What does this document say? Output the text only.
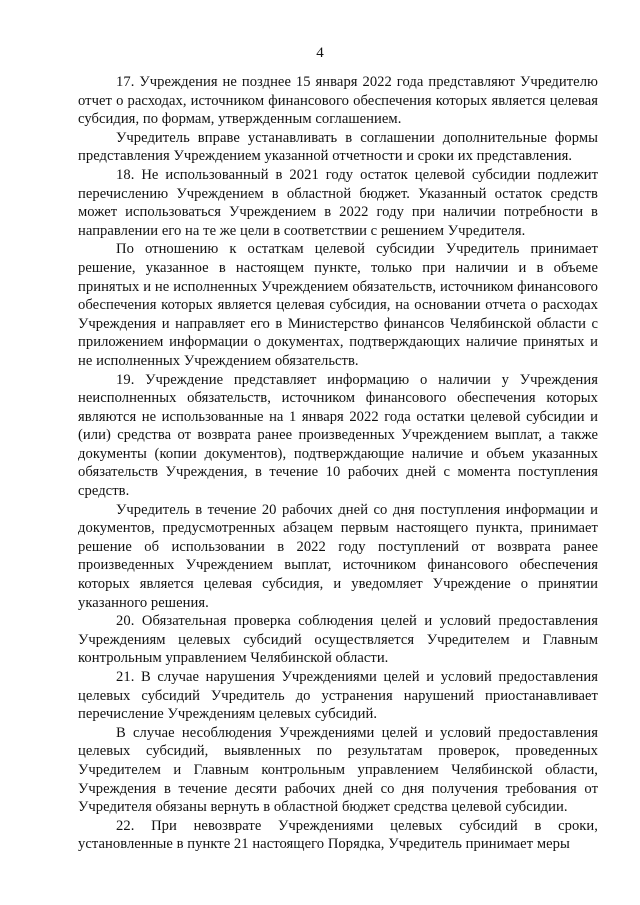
4

17. Учреждения не позднее 15 января 2022 года представляют Учредителю отчет о расходах, источником финансового обеспечения которых является целевая субсидия, по формам, утвержденным соглашением.

Учредитель вправе устанавливать в соглашении дополнительные формы представления Учреждением указанной отчетности и сроки их представления.

18. Не использованный в 2021 году остаток целевой субсидии подлежит перечислению Учреждением в областной бюджет. Указанный остаток средств может использоваться Учреждением в 2022 году при наличии потребности в направлении его на те же цели в соответствии с решением Учредителя.

По отношению к остаткам целевой субсидии Учредитель принимает решение, указанное в настоящем пункте, только при наличии и в объеме принятых и не исполненных Учреждением обязательств, источником финансового обеспечения которых является целевая субсидия, на основании отчета о расходах Учреждения и направляет его в Министерство финансов Челябинской области с приложением информации о документах, подтверждающих наличие принятых и не исполненных Учреждением обязательств.

19. Учреждение представляет информацию о наличии у Учреждения неисполненных обязательств, источником финансового обеспечения которых являются не использованные на 1 января 2022 года остатки целевой субсидии и (или) средства от возврата ранее произведенных Учреждением выплат, а также документы (копии документов), подтверждающие наличие и объем указанных обязательств Учреждения, в течение 10 рабочих дней с момента поступления средств.

Учредитель в течение 20 рабочих дней со дня поступления информации и документов, предусмотренных абзацем первым настоящего пункта, принимает решение об использовании в 2022 году поступлений от возврата ранее произведенных Учреждением выплат, источником финансового обеспечения которых является целевая субсидия, и уведомляет Учреждение о принятии указанного решения.

20. Обязательная проверка соблюдения целей и условий предоставления Учреждениям целевых субсидий осуществляется Учредителем и Главным контрольным управлением Челябинской области.

21. В случае нарушения Учреждениями целей и условий предоставления целевых субсидий Учредитель до устранения нарушений приостанавливает перечисление Учреждениям целевых субсидий.

В случае несоблюдения Учреждениями целей и условий предоставления целевых субсидий, выявленных по результатам проверок, проведенных Учредителем и Главным контрольным управлением Челябинской области, Учреждения в течение десяти рабочих дней со дня получения требования от Учредителя обязаны вернуть в областной бюджет средства целевой субсидии.

22. При невозврате Учреждениями целевых субсидий в сроки, установленные в пункте 21 настоящего Порядка, Учредитель принимает меры
